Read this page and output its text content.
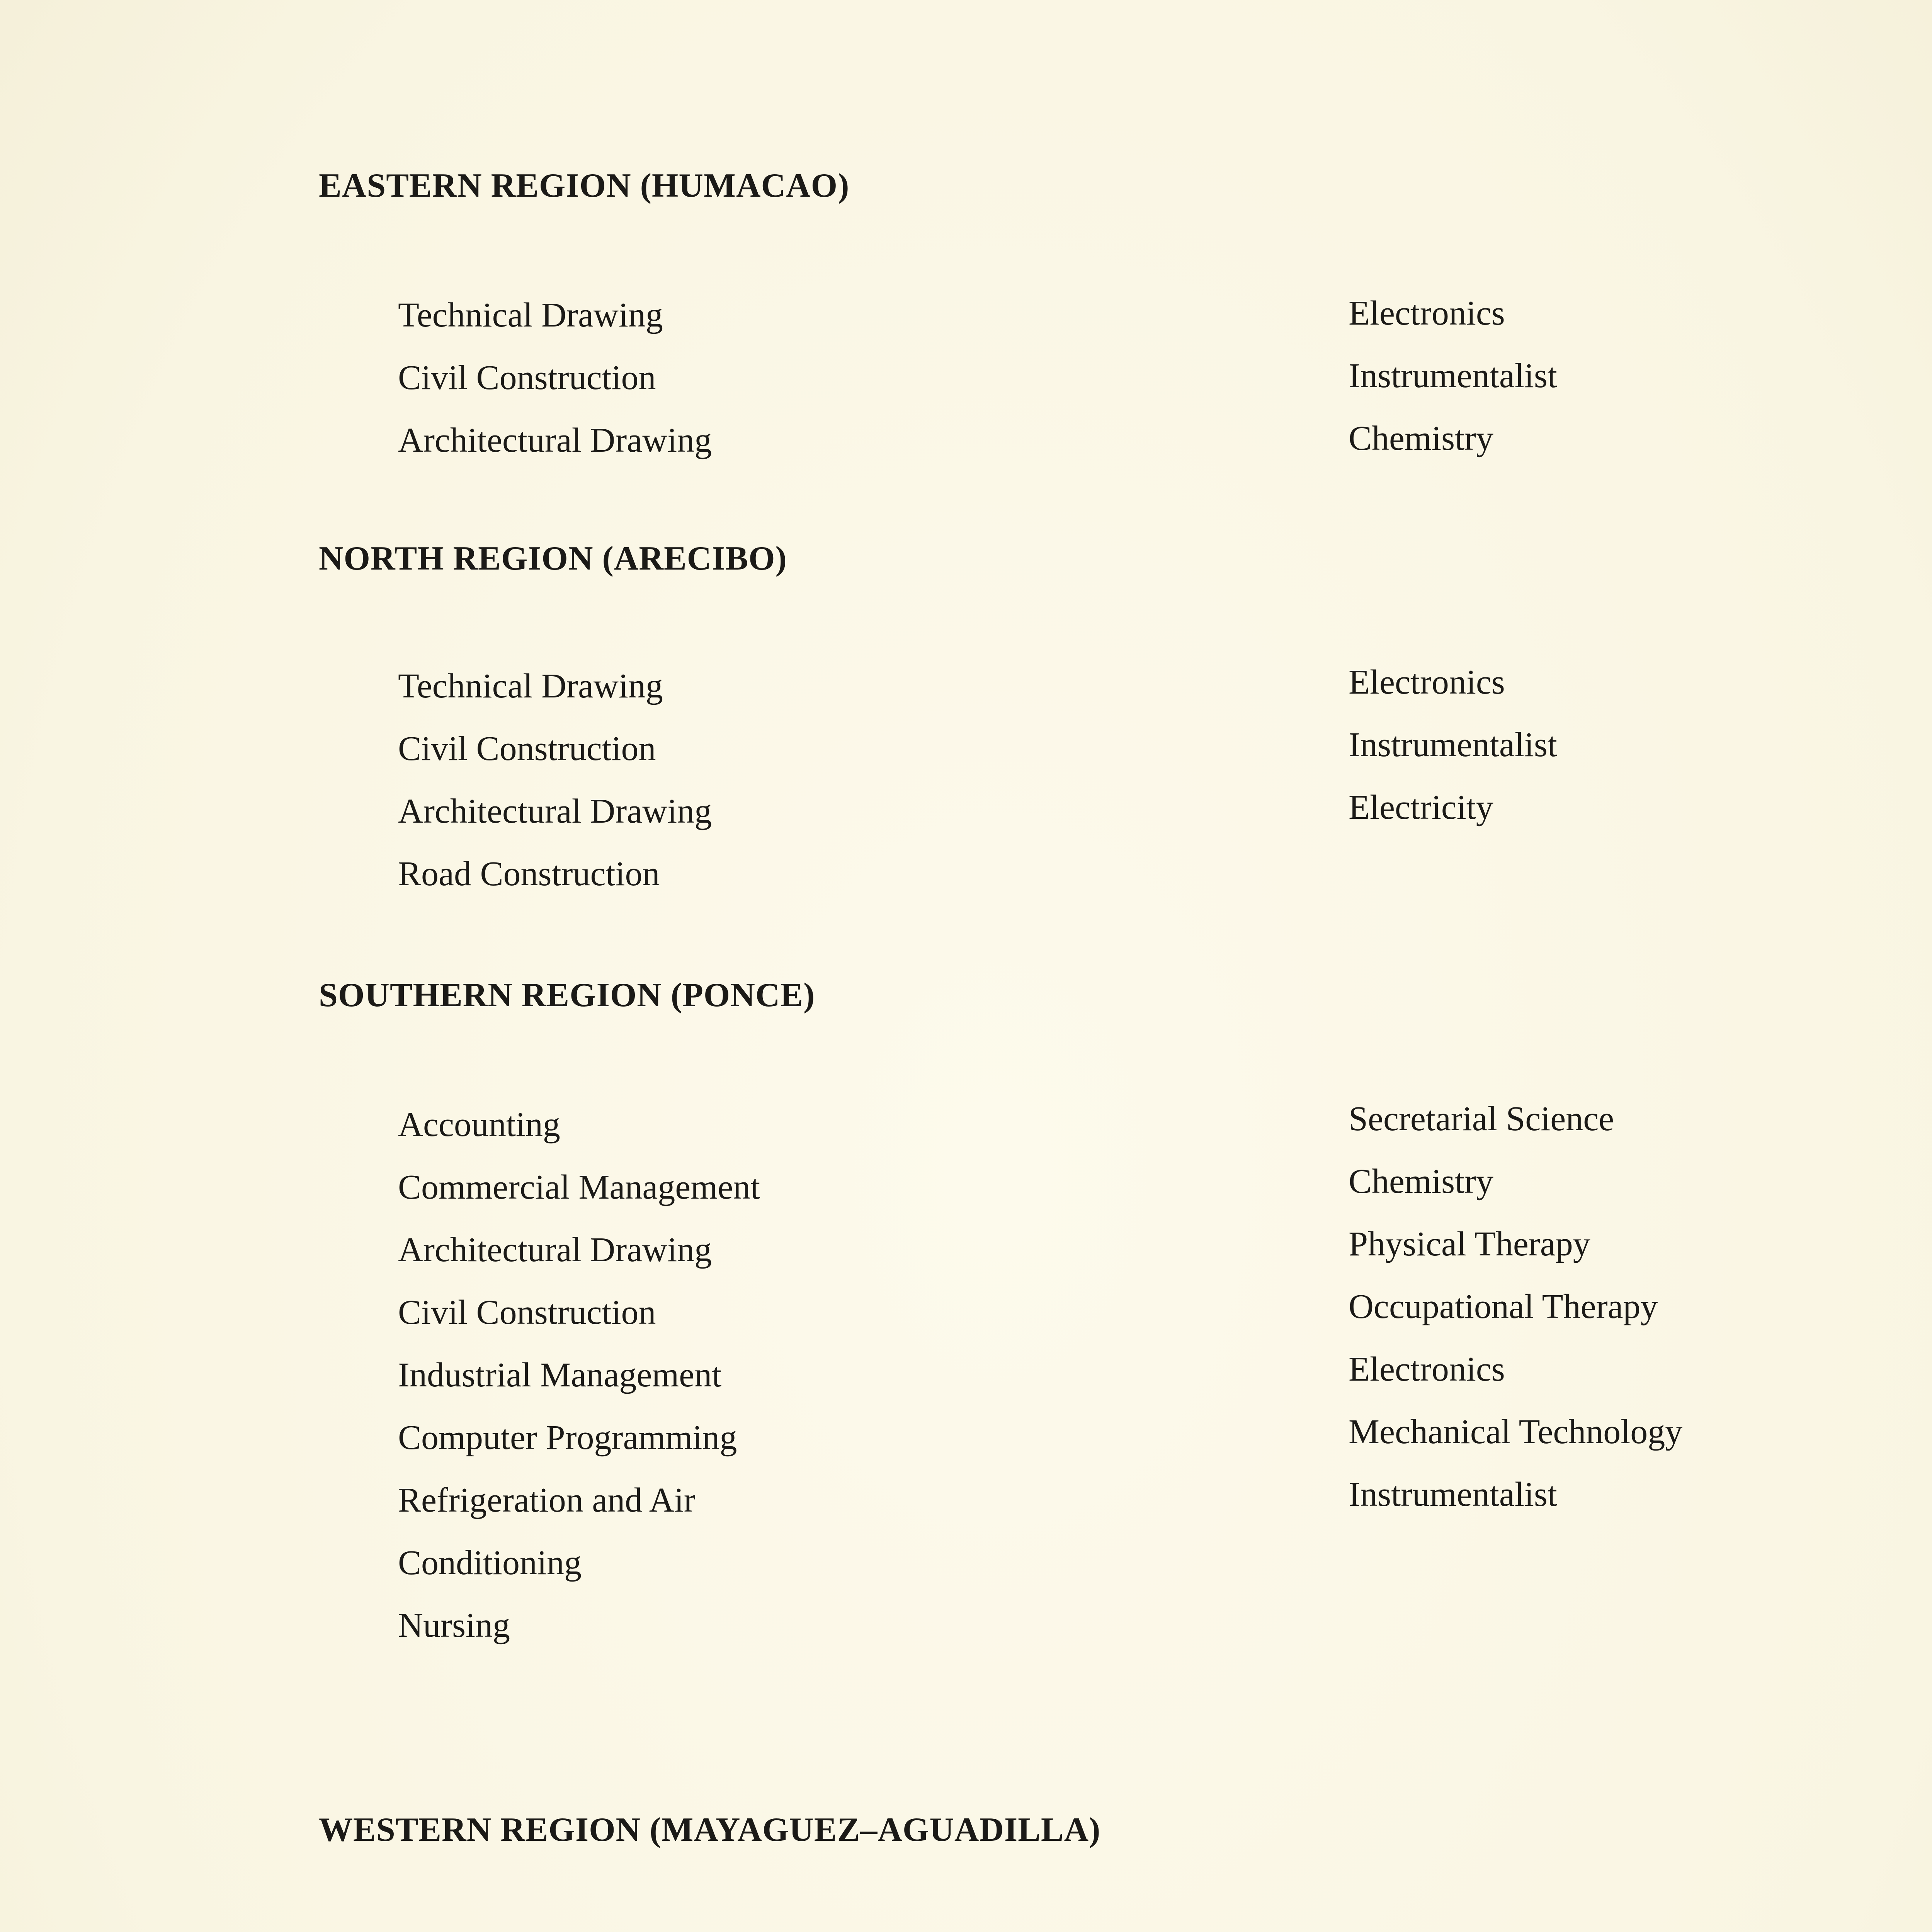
EASTERN REGION (HUMACAO)
Technical Drawing
Civil Construction
Architectural Drawing
Electronics
Instrumentalist
Chemistry
NORTH REGION (ARECIBO)
Technical Drawing
Civil Construction
Architectural Drawing
Road Construction
Electronics
Instrumentalist
Electricity
SOUTHERN REGION (PONCE)
Accounting
Commercial Management
Architectural Drawing
Civil Construction
Industrial Management
Computer Programming
Refrigeration and Air
Conditioning
Nursing
Secretarial Science
Chemistry
Physical Therapy
Occupational Therapy
Electronics
Mechanical Technology
Instrumentalist
WESTERN REGION (MAYAGUEZ–AGUADILLA)
